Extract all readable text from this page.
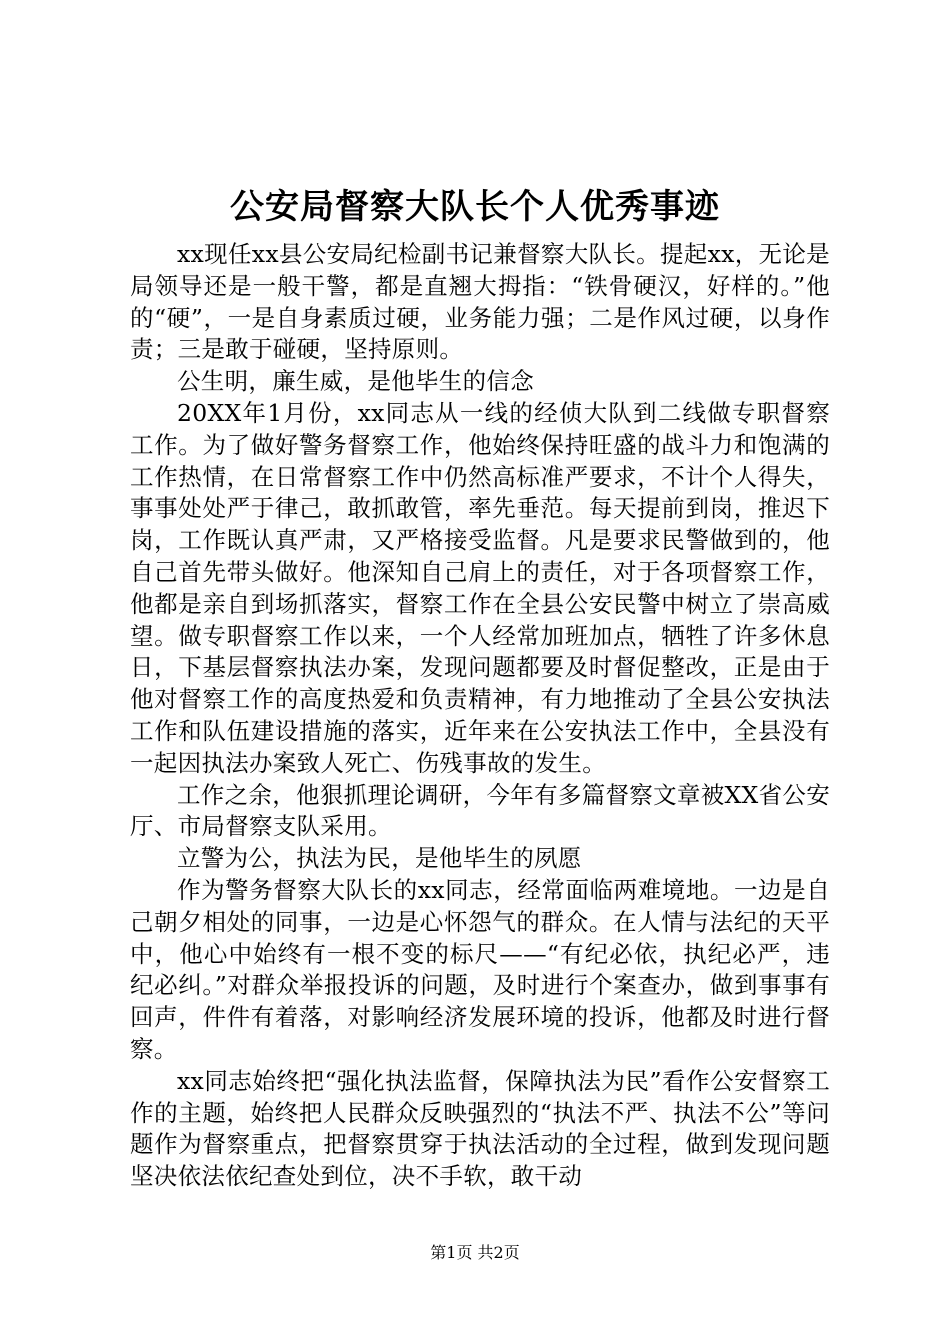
公安局督察大队长个人优秀事迹

xx现任xx县公安局纪检副书记兼督察大队长。提起xx，无论是局领导还是一般干警，都是直翘大拇指：“铁骨硬汉，好样的。”他的“硬”，一是自身素质过硬，业务能力强；二是作风过硬，以身作责；三是敢于碰硬，坚持原则。

公生明，廉生威，是他毕生的信念

20XX年1月份，xx同志从一线的经侦大队到二线做专职督察工作。为了做好警务督察工作，他始终保持旺盛的战斗力和饱满的工作热情，在日常督察工作中仍然高标准严要求，不计个人得失，事事处处严于律己，敢抓敢管，率先垂范。每天提前到岗，推迟下岗，工作既认真严肃，又严格接受监督。凡是要求民警做到的，他自己首先带头做好。他深知自己肩上的责任，对于各项督察工作，他都是亲自到场抓落实，督察工作在全县公安民警中树立了崇高威望。做专职督察工作以来，一个人经常加班加点，牺牲了许多休息日，下基层督察执法办案，发现问题都要及时督促整改，正是由于他对督察工作的高度热爱和负责精神，有力地推动了全县公安执法工作和队伍建设措施的落实，近年来在公安执法工作中，全县没有一起因执法办案致人死亡、伤残事故的发生。

工作之余，他狠抓理论调研，今年有多篇督察文章被XX省公安厅、市局督察支队采用。

立警为公，执法为民，是他毕生的夙愿

作为警务督察大队长的xx同志，经常面临两难境地。一边是自己朝夕相处的同事，一边是心怀怨气的群众。在人情与法纪的天平中，他心中始终有一根不变的标尺——“有纪必依，执纪必严，违纪必纠。”对群众举报投诉的问题，及时进行个案查办，做到事事有回声，件件有着落，对影响经济发展环境的投诉，他都及时进行督察。

xx同志始终把“强化执法监督，保障执法为民”看作公安督察工作的主题，始终把人民群众反映强烈的“执法不严、执法不公”等问题作为督察重点，把督察贯穿于执法活动的全过程，做到发现问题坚决依法依纪查处到位，决不手软，敢干动

第1页 共2页
